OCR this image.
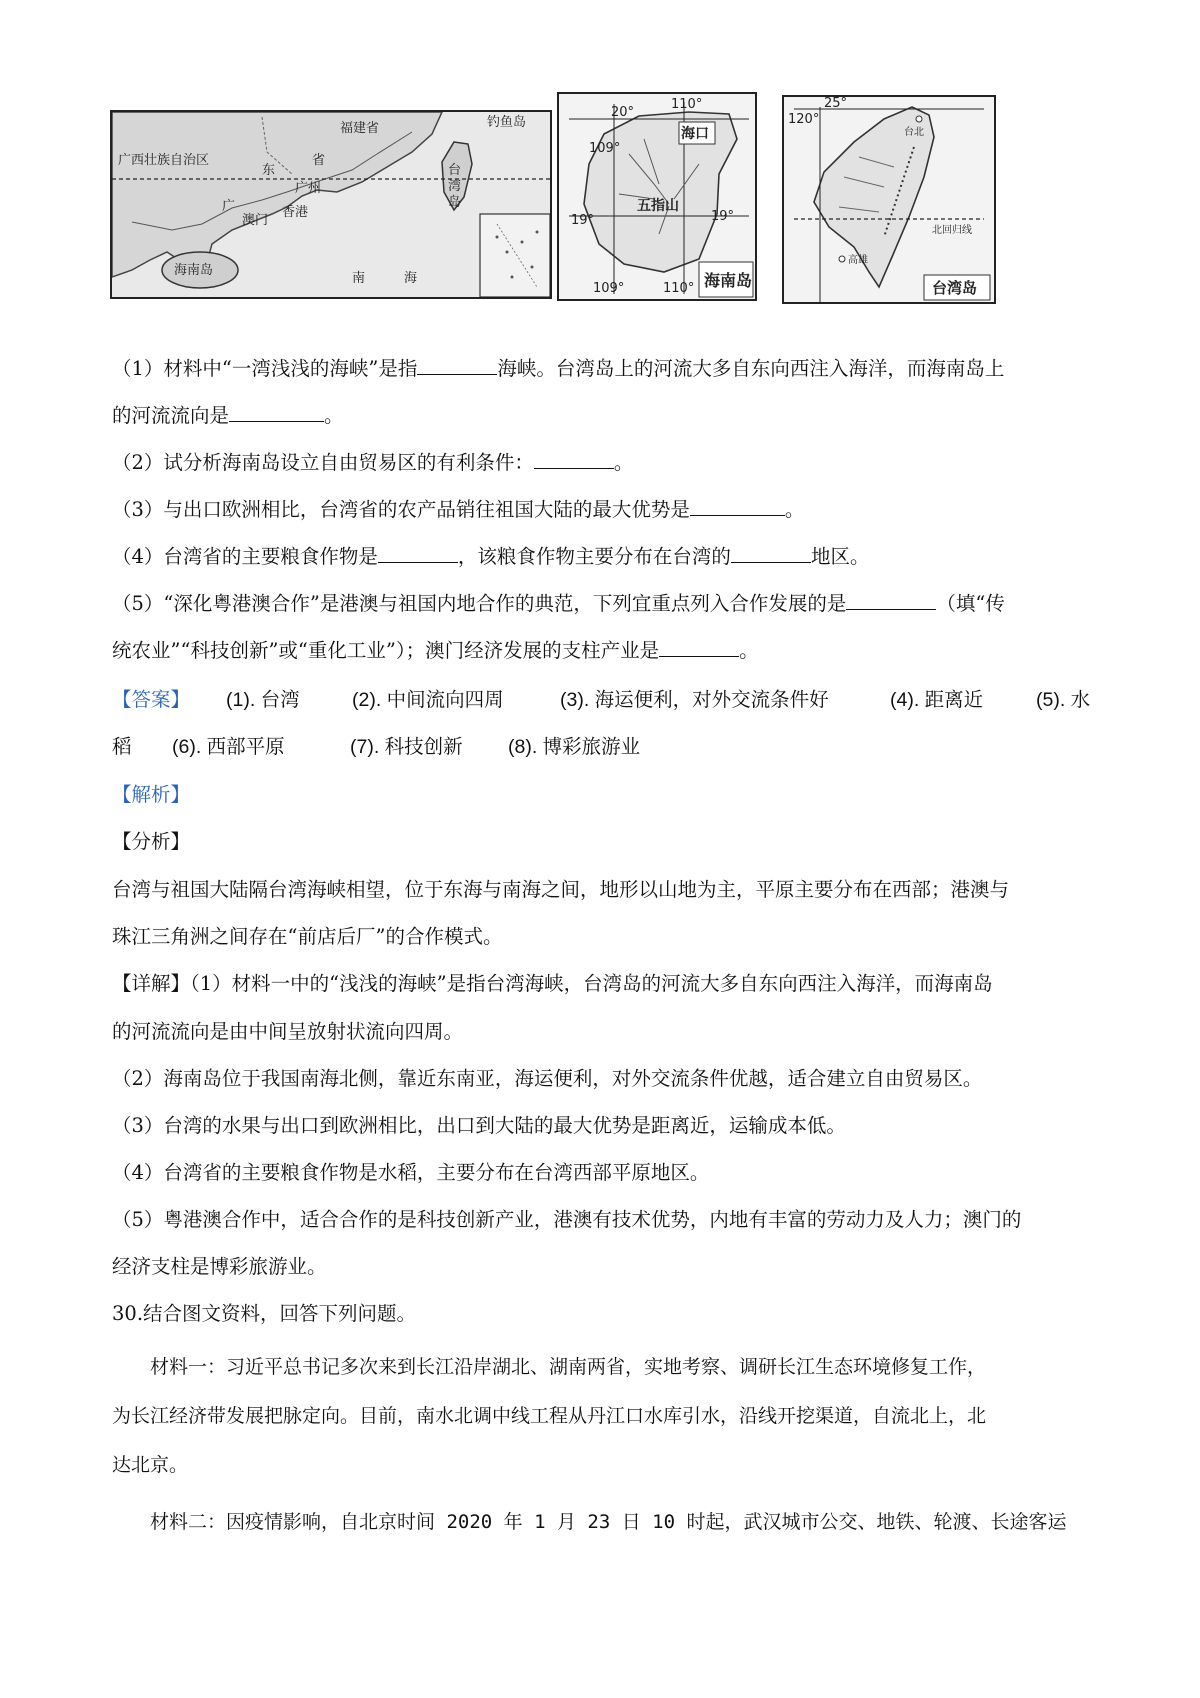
福建省	钓鱼岛
广西壮族自治区
东
省
广州
广
澳门
香港
台
湾
岛
海南岛
南	海
20°
110°
海口
109°
19°
五指山
19°
109°	110° 海南岛
25°
120°
台北
北回归线
高雄
台湾岛
（1）材料中“一湾浅浅的海峡”是指	海峡。台湾岛上的河流大多自东向西注入海洋，而海南岛上
的河流流向是	。
（2）试分析海南岛设立自由贸易区的有利条件：	。
（3）与出口欧洲相比，台湾省的农产品销往祖国大陆的最大优势是	。
（4）台湾省的主要粮食作物是	，该粮食作物主要分布在台湾的	地区。
（5）“深化粤港澳合作”是港澳与祖国内地合作的典范，下列宜重点列入合作发展的是	（填“传
统农业”“科技创新”或“重化工业”）；澳门经济发展的支柱产业是	。
【答案】 (1). 台湾	(2). 中间流向四周	(3). 海运便利，对外交流条件好	(4). 距离近	(5). 水
稻 (6). 西部平原	(7). 科技创新 (8). 博彩旅游业
【解析】
【分析】
台湾与祖国大陆隔台湾海峡相望，位于东海与南海之间，地形以山地为主，平原主要分布在西部；港澳与
珠江三角洲之间存在“前店后厂”的合作模式。
【详解】（1）材料一中的“浅浅的海峡”是指台湾海峡，台湾岛的河流大多自东向西注入海洋，而海南岛
的河流流向是由中间呈放射状流向四周。
（2）海南岛位于我国南海北侧，靠近东南亚，海运便利，对外交流条件优越，适合建立自由贸易区。
（3）台湾的水果与出口到欧洲相比，出口到大陆的最大优势是距离近，运输成本低。
（4）台湾省的主要粮食作物是水稻，主要分布在台湾西部平原地区。
（5）粤港澳合作中，适合合作的是科技创新产业，港澳有技术优势，内地有丰富的劳动力及人力；澳门的
经济支柱是博彩旅游业。
30.结合图文资料，回答下列问题。
材料一：习近平总书记多次来到长江沿岸湖北、湖南两省，实地考察、调研长江生态环境修复工作，
为长江经济带发展把脉定向。目前，南水北调中线工程从丹江口水库引水，沿线开挖渠道，自流北上，北
达北京。
材料二：因疫情影响，自北京时间 2020 年 1 月 23 日 10 时起，武汉城市公交、地铁、轮渡、长途客运
